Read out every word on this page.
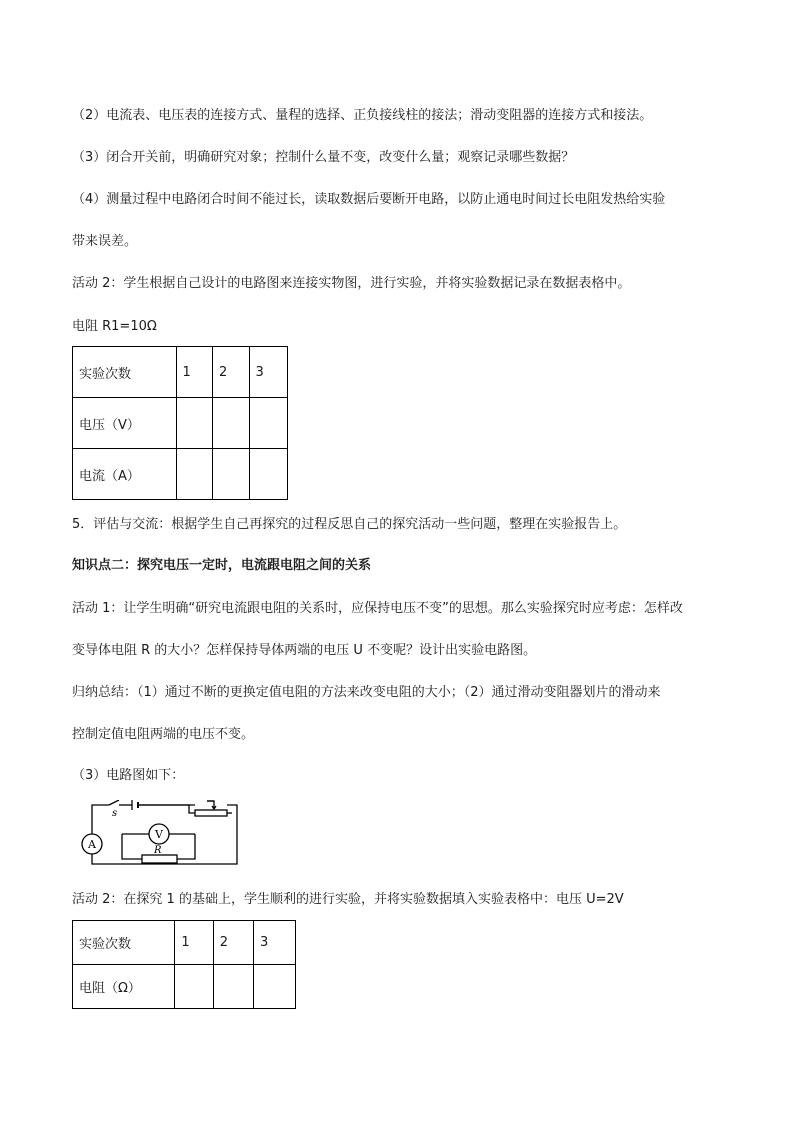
（2）电流表、电压表的连接方式、量程的选择、正负接线柱的接法；滑动变阻器的连接方式和接法。
（3）闭合开关前，明确研究对象；控制什么量不变，改变什么量；观察记录哪些数据？
（4）测量过程中电路闭合时间不能过长，读取数据后要断开电路，以防止通电时间过长电阻发热给实验
带来误差。
活动 2：学生根据自己设计的电路图来连接实物图，进行实验，并将实验数据记录在数据表格中。
电阻 R1=10Ω
实验次数	1	2	3
电压（V）			
电流（A）			
5．评估与交流：根据学生自己再探究的过程反思自己的探究活动一些问题，整理在实验报告上。
知识点二：探究电压一定时，电流跟电阻之间的关系
活动 1：让学生明确“研究电流跟电阻的关系时，应保持电压不变”的思想。那么实验探究时应考虑：怎样改
变导体电阻 R 的大小？怎样保持导体两端的电压 U 不变呢？设计出实验电路图。
归纳总结：（1）通过不断的更换定值电阻的方法来改变电阻的大小；（2）通过滑动变阻器划片的滑动来
控制定值电阻两端的电压不变。
（3）电路图如下：
s
A
V
R
活动 2：在探究 1 的基础上，学生顺利的进行实验，并将实验数据填入实验表格中：电压 U=2V
实验次数	1	2	3
电阻（Ω）			
